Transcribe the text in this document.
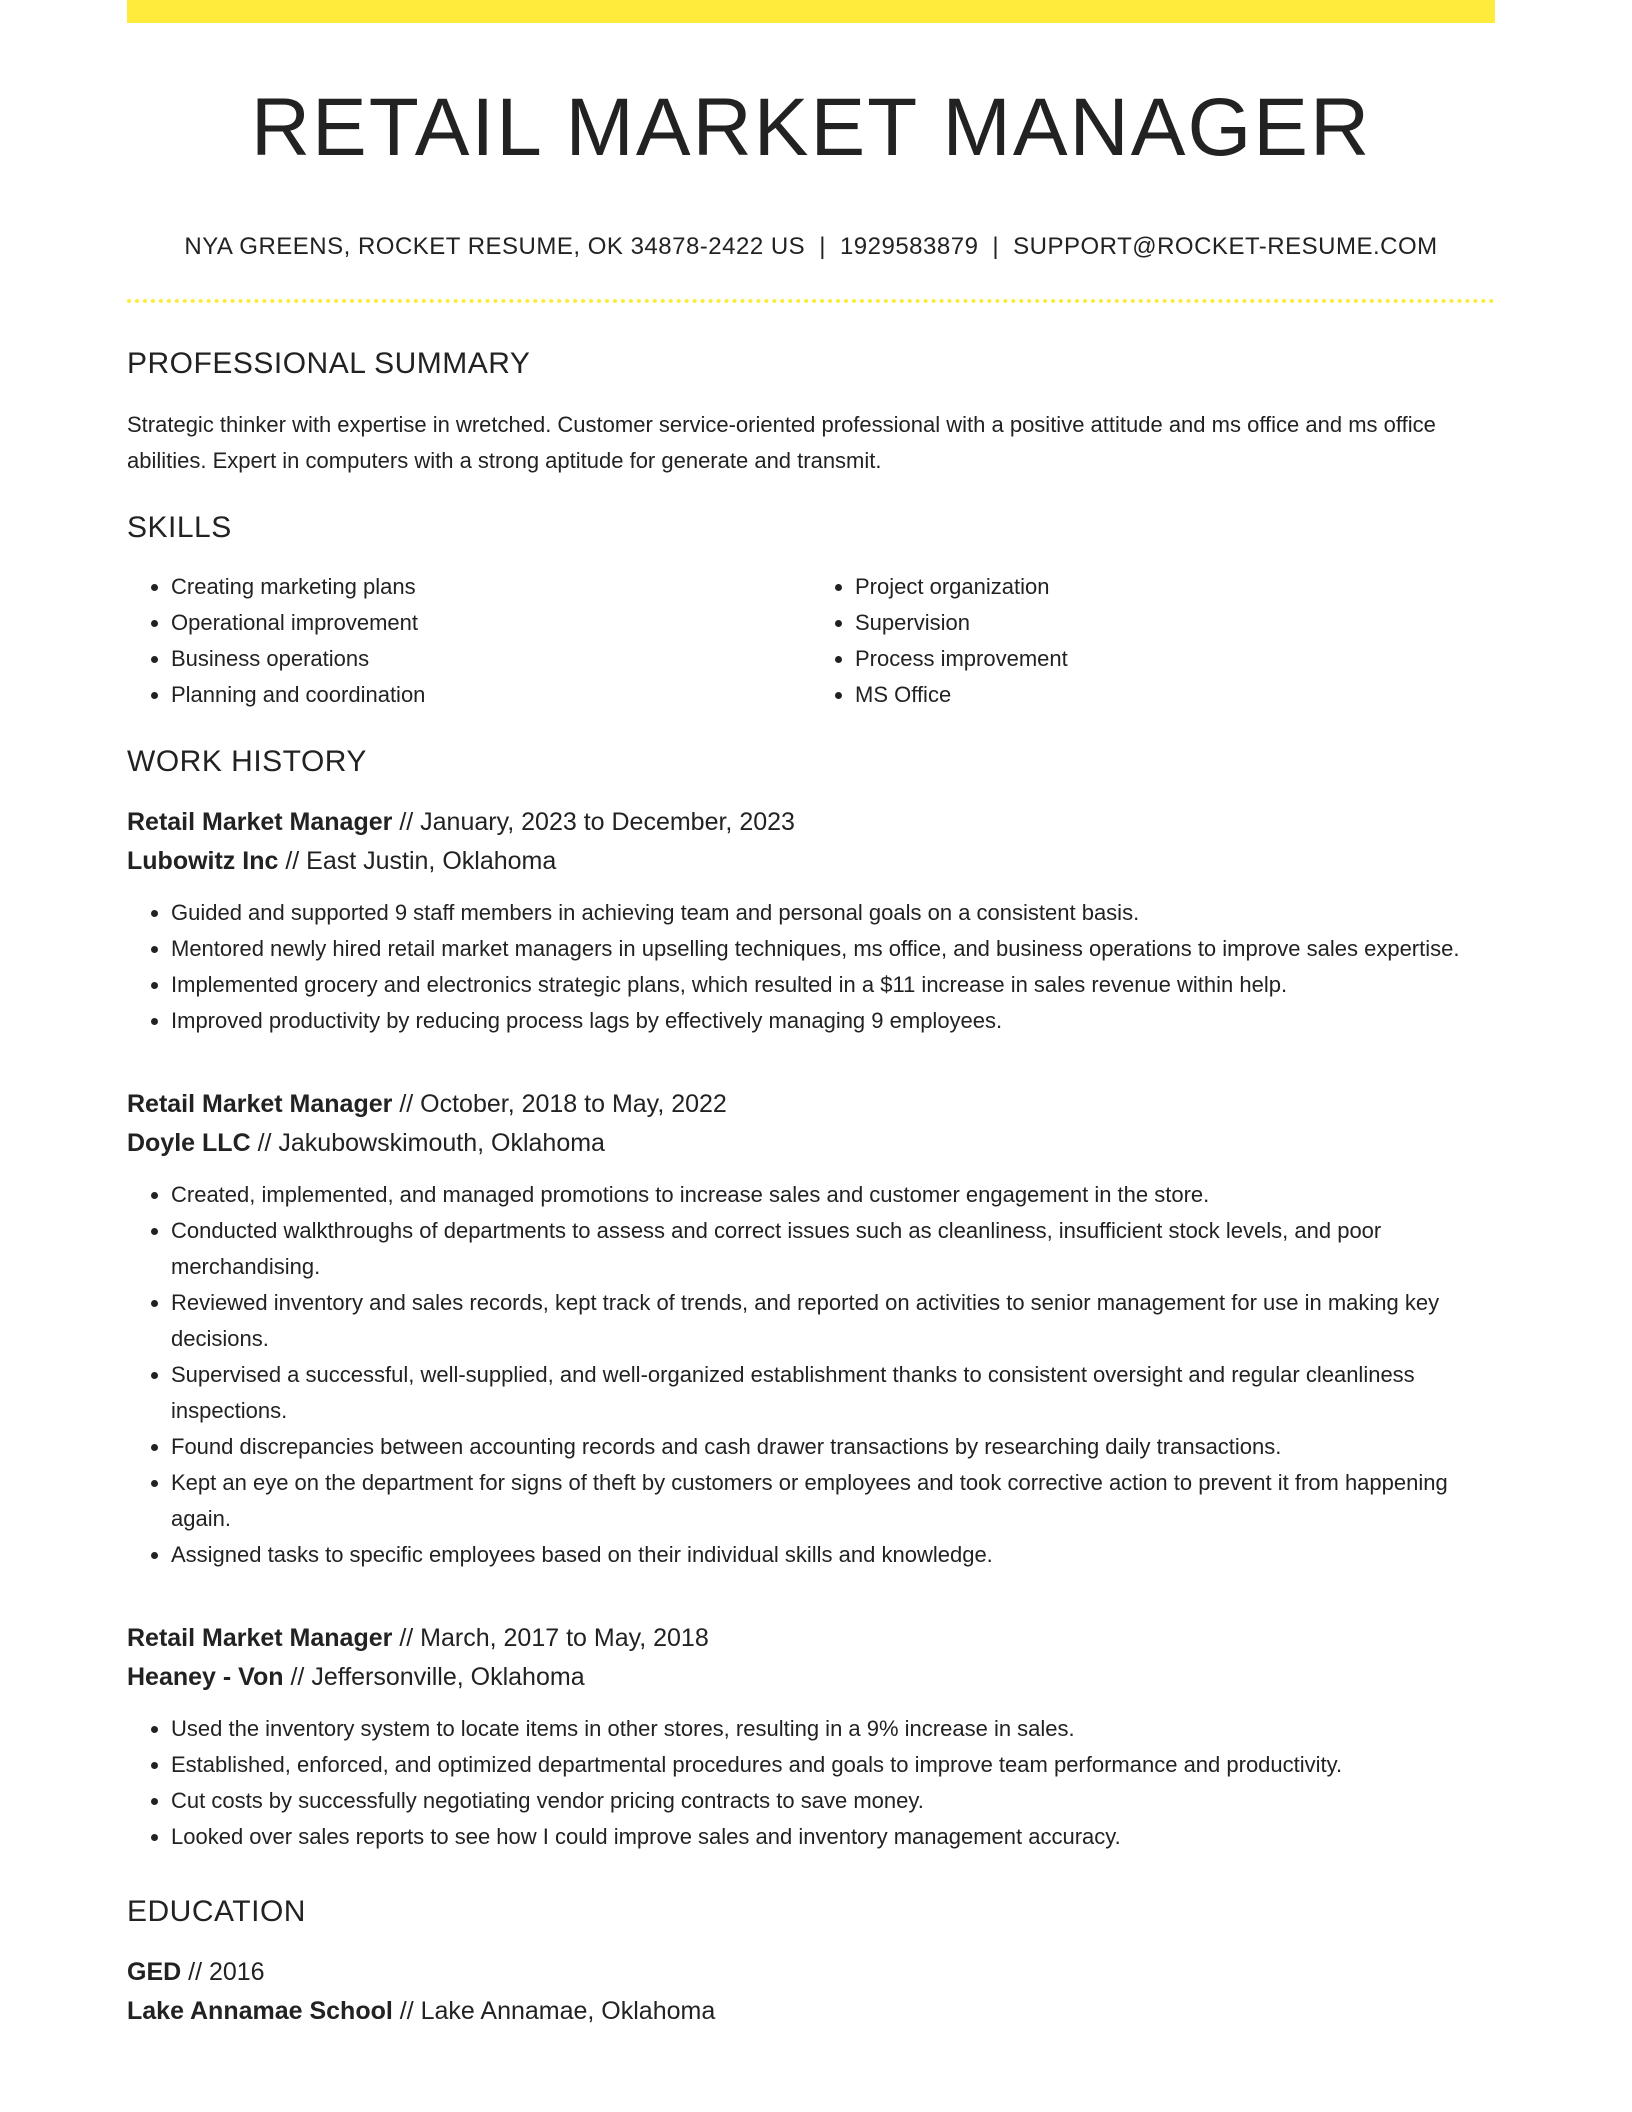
RETAIL MARKET MANAGER
NYA GREENS, ROCKET RESUME, OK 34878-2422 US | 1929583879 | SUPPORT@ROCKET-RESUME.COM
PROFESSIONAL SUMMARY
Strategic thinker with expertise in wretched. Customer service-oriented professional with a positive attitude and ms office and ms office abilities. Expert in computers with a strong aptitude for generate and transmit.
SKILLS
• Creating marketing plans
• Operational improvement
• Business operations
• Planning and coordination
• Project organization
• Supervision
• Process improvement
• MS Office
WORK HISTORY
Retail Market Manager // January, 2023 to December, 2023
Lubowitz Inc // East Justin, Oklahoma
• Guided and supported 9 staff members in achieving team and personal goals on a consistent basis.
• Mentored newly hired retail market managers in upselling techniques, ms office, and business operations to improve sales expertise.
• Implemented grocery and electronics strategic plans, which resulted in a $11 increase in sales revenue within help.
• Improved productivity by reducing process lags by effectively managing 9 employees.
Retail Market Manager // October, 2018 to May, 2022
Doyle LLC // Jakubowskimouth, Oklahoma
• Created, implemented, and managed promotions to increase sales and customer engagement in the store.
• Conducted walkthroughs of departments to assess and correct issues such as cleanliness, insufficient stock levels, and poor merchandising.
• Reviewed inventory and sales records, kept track of trends, and reported on activities to senior management for use in making key decisions.
• Supervised a successful, well-supplied, and well-organized establishment thanks to consistent oversight and regular cleanliness inspections.
• Found discrepancies between accounting records and cash drawer transactions by researching daily transactions.
• Kept an eye on the department for signs of theft by customers or employees and took corrective action to prevent it from happening again.
• Assigned tasks to specific employees based on their individual skills and knowledge.
Retail Market Manager // March, 2017 to May, 2018
Heaney - Von // Jeffersonville, Oklahoma
• Used the inventory system to locate items in other stores, resulting in a 9% increase in sales.
• Established, enforced, and optimized departmental procedures and goals to improve team performance and productivity.
• Cut costs by successfully negotiating vendor pricing contracts to save money.
• Looked over sales reports to see how I could improve sales and inventory management accuracy.
EDUCATION
GED // 2016
Lake Annamae School // Lake Annamae, Oklahoma
